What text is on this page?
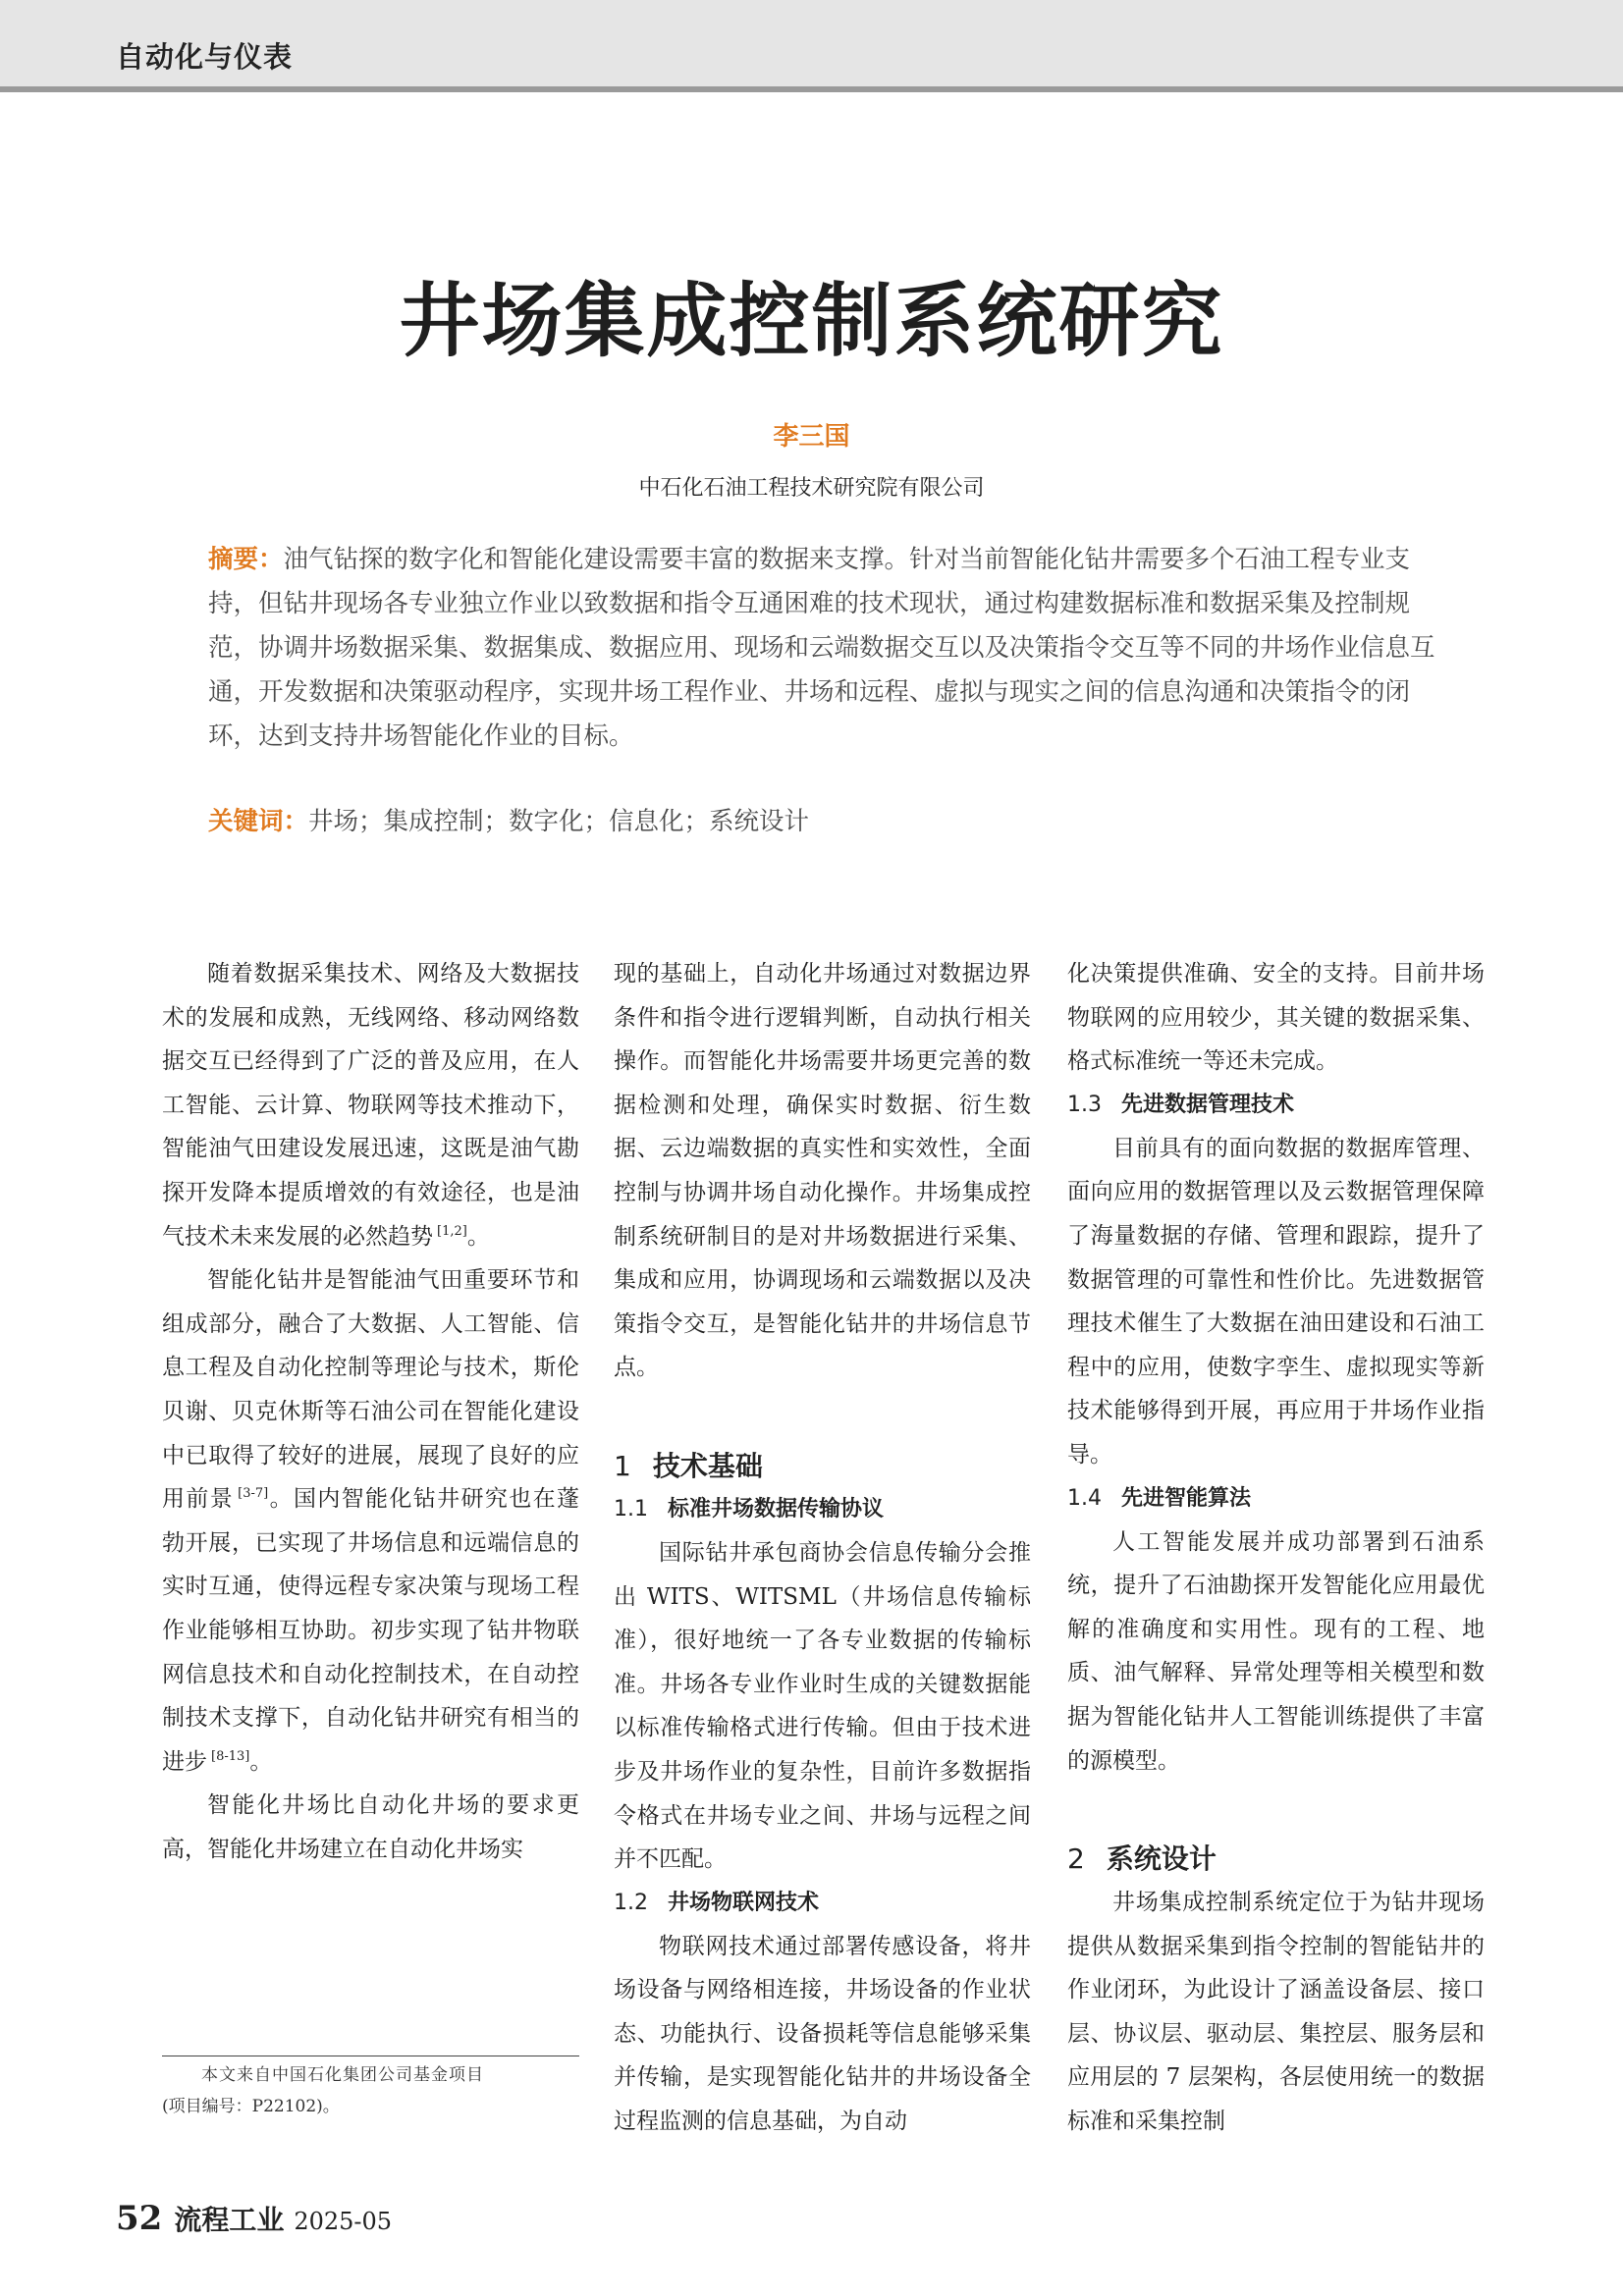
自动化与仪表
井场集成控制系统研究
李三国
中石化石油工程技术研究院有限公司
摘要：油气钻探的数字化和智能化建设需要丰富的数据来支撑。针对当前智能化钻井需要多个石油工程专业支持，但钻井现场各专业独立作业以致数据和指令互通困难的技术现状，通过构建数据标准和数据采集及控制规范，协调井场数据采集、数据集成、数据应用、现场和云端数据交互以及决策指令交互等不同的井场作业信息互通，开发数据和决策驱动程序，实现井场工程作业、井场和远程、虚拟与现实之间的信息沟通和决策指令的闭环，达到支持井场智能化作业的目标。
关键词：井场；集成控制；数字化；信息化；系统设计

随着数据采集技术、网络及大数据技术的发展和成熟，无线网络、移动网络数据交互已经得到了广泛的普及应用，在人工智能、云计算、物联网等技术推动下，智能油气田建设发展迅速，这既是油气勘探开发降本提质增效的有效途径，也是油气技术未来发展的必然趋势 [1,2]。

智能化钻井是智能油气田重要环节和组成部分，融合了大数据、人工智能、信息工程及自动化控制等理论与技术，斯伦贝谢、贝克休斯等石油公司在智能化建设中已取得了较好的进展，展现了良好的应用前景 [3-7]。国内智能化钻井研究也在蓬勃开展，已实现了井场信息和远端信息的实时互通，使得远程专家决策与现场工程作业能够相互协助。初步实现了钻井物联网信息技术和自动化控制技术，在自动控制技术支撑下，自动化钻井研究有相当的进步 [8-13]。

智能化井场比自动化井场的要求更高，智能化井场建立在自动化井场实

现的基础上，自动化井场通过对数据边界条件和指令进行逻辑判断，自动执行相关操作。而智能化井场需要井场更完善的数据检测和处理，确保实时数据、衍生数据、云边端数据的真实性和实效性，全面控制与协调井场自动化操作。井场集成控制系统研制目的是对井场数据进行采集、集成和应用，协调现场和云端数据以及决策指令交互，是智能化钻井的井场信息节点。

1 技术基础
1.1 标准井场数据传输协议

国际钻井承包商协会信息传输分会推出 WITS、WITSML（井场信息传输标准），很好地统一了各专业数据的传输标准。井场各专业作业时生成的关键数据能以标准传输格式进行传输。但由于技术进步及井场作业的复杂性，目前许多数据指令格式在井场专业之间、井场与远程之间并不匹配。

1.2 井场物联网技术

物联网技术通过部署传感设备，将井场设备与网络相连接，井场设备的作业状态、功能执行、设备损耗等信息能够采集并传输，是实现智能化钻井的井场设备全过程监测的信息基础，为自动

化决策提供准确、安全的支持。目前井场物联网的应用较少，其关键的数据采集、格式标准统一等还未完成。

1.3 先进数据管理技术

目前具有的面向数据的数据库管理、面向应用的数据管理以及云数据管理保障了海量数据的存储、管理和跟踪，提升了数据管理的可靠性和性价比。先进数据管理技术催生了大数据在油田建设和石油工程中的应用，使数字孪生、虚拟现实等新技术能够得到开展，再应用于井场作业指导。

1.4 先进智能算法

人工智能发展并成功部署到石油系统，提升了石油勘探开发智能化应用最优解的准确度和实用性。现有的工程、地质、油气解释、异常处理等相关模型和数据为智能化钻井人工智能训练提供了丰富的源模型。

2 系统设计

井场集成控制系统定位于为钻井现场提供从数据采集到指令控制的智能钻井的作业闭环，为此设计了涵盖设备层、接口层、协议层、驱动层、集控层、服务层和应用层的 7 层架构，各层使用统一的数据标准和采集控制

本文来自中国石化集团公司基金项目
(项目编号：P22102)。
52 流程工业 2025-05
